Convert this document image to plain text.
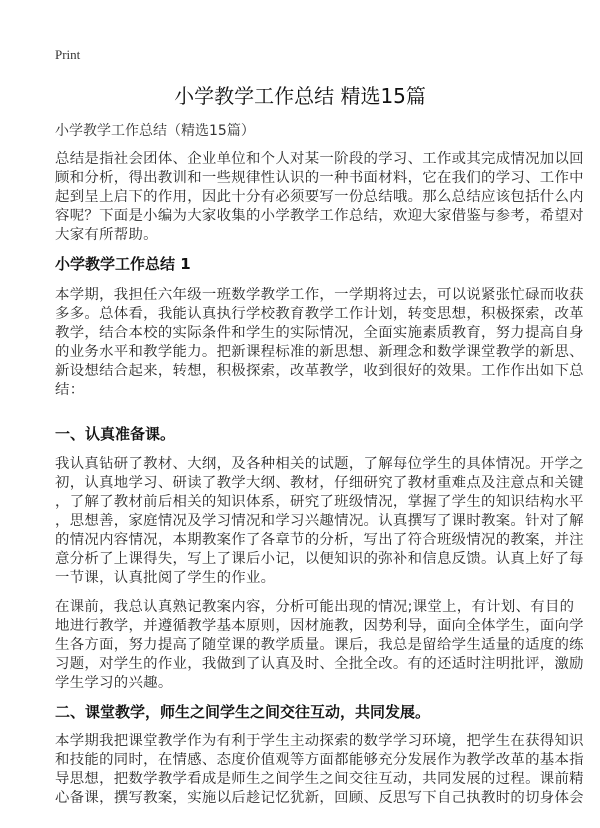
Print
小学教学工作总结 精选15篇
小学教学工作总结（精选15篇）
总结是指社会团体、企业单位和个人对某一阶段的学习、工作或其完成情况加以回
顾和分析，得出教训和一些规律性认识的一种书面材料，它在我们的学习、工作中
起到呈上启下的作用，因此十分有必须要写一份总结哦。那么总结应该包括什么内
容呢？下面是小编为大家收集的小学教学工作总结，欢迎大家借鉴与参考，希望对
大家有所帮助。
小学教学工作总结 1
本学期，我担任六年级一班数学教学工作，一学期将过去，可以说紧张忙碌而收获
多多。总体看，我能认真执行学校教育教学工作计划，转变思想，积极探索，改革
教学，结合本校的实际条件和学生的实际情况，全面实施素质教育，努力提高自身
的业务水平和教学能力。把新课程标准的新思想、新理念和数学课堂教学的新思、
新设想结合起来，转想，积极探索，改革教学，收到很好的效果。工作作出如下总
结：
一、认真准备课。
我认真钻研了教材、大纲，及各种相关的试题，了解每位学生的具体情况。开学之
初，认真地学习、研读了教学大纲、教材，仔细研究了教材重难点及注意点和关键
，了解了教材前后相关的知识体系，研究了班级情况，掌握了学生的知识结构水平
，思想善，家庭情况及学习情况和学习兴趣情况。认真撰写了课时教案。针对了解
的情况内容情况，本期教案作了各章节的分析，写出了符合班级情况的教案，并注
意分析了上课得失，写上了课后小记，以便知识的弥补和信息反馈。认真上好了每
一节课，认真批阅了学生的作业。
在课前，我总认真熟记教案内容，分析可能出现的情况;课堂上，有计划、有目的
地进行教学，并遵循教学基本原则，因材施教，因势利导，面向全体学生，面向学
生各方面，努力提高了随堂课的教学质量。课后，我总是留给学生适量的适度的练
习题，对学生的作业，我做到了认真及时、全批全改。有的还适时注明批评，激励
学生学习的兴趣。
二、课堂教学，师生之间学生之间交往互动，共同发展。
本学期我把课堂教学作为有利于学生主动探索的数学学习环境，把学生在获得知识
和技能的同时，在情感、态度价值观等方面都能够充分发展作为教学改革的基本指
导思想，把数学教学看成是师生之间学生之间交往互动，共同发展的过程。课前精
心备课，撰写教案，实施以后趁记忆犹新，回顾、反思写下自己执教时的切身体会
